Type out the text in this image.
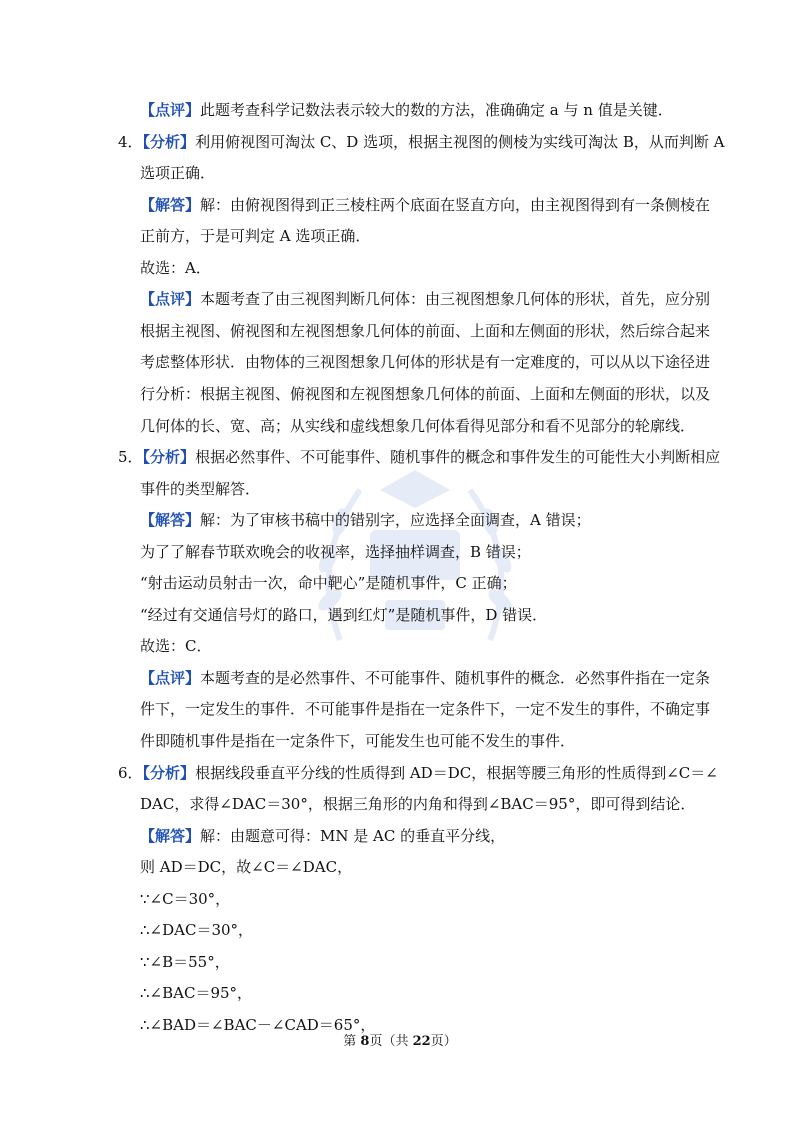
【点评】此题考查科学记数法表示较大的数的方法，准确确定 a 与 n 值是关键．
4．【分析】利用俯视图可淘汰 C、D 选项，根据主视图的侧棱为实线可淘汰 B，从而判断 A
选项正确．
【解答】解：由俯视图得到正三棱柱两个底面在竖直方向，由主视图得到有一条侧棱在
正前方，于是可判定 A 选项正确．
故选：A．
【点评】本题考查了由三视图判断几何体：由三视图想象几何体的形状，首先，应分别
根据主视图、俯视图和左视图想象几何体的前面、上面和左侧面的形状，然后综合起来
考虑整体形状．由物体的三视图想象几何体的形状是有一定难度的，可以从以下途径进
行分析：根据主视图、俯视图和左视图想象几何体的前面、上面和左侧面的形状，以及
几何体的长、宽、高；从实线和虚线想象几何体看得见部分和看不见部分的轮廓线．
5．【分析】根据必然事件、不可能事件、随机事件的概念和事件发生的可能性大小判断相应
事件的类型解答．
【解答】解：为了审核书稿中的错别字，应选择全面调查，A 错误；
为了了解春节联欢晚会的收视率，选择抽样调查，B 错误；
“射击运动员射击一次，命中靶心”是随机事件，C 正确；
“经过有交通信号灯的路口，遇到红灯”是随机事件，D 错误．
故选：C．
【点评】本题考查的是必然事件、不可能事件、随机事件的概念．必然事件指在一定条
件下，一定发生的事件．不可能事件是指在一定条件下，一定不发生的事件，不确定事
件即随机事件是指在一定条件下，可能发生也可能不发生的事件．
6．【分析】根据线段垂直平分线的性质得到 AD＝DC，根据等腰三角形的性质得到∠C＝∠
DAC，求得∠DAC＝30°，根据三角形的内角和得到∠BAC＝95°，即可得到结论．
【解答】解：由题意可得：MN 是 AC 的垂直平分线，
则 AD＝DC，故∠C＝∠DAC，
∵∠C＝30°，
∴∠DAC＝30°，
∵∠B＝55°，
∴∠BAC＝95°，
∴∠BAD＝∠BAC－∠CAD＝65°，
第 8页（共 22页）
